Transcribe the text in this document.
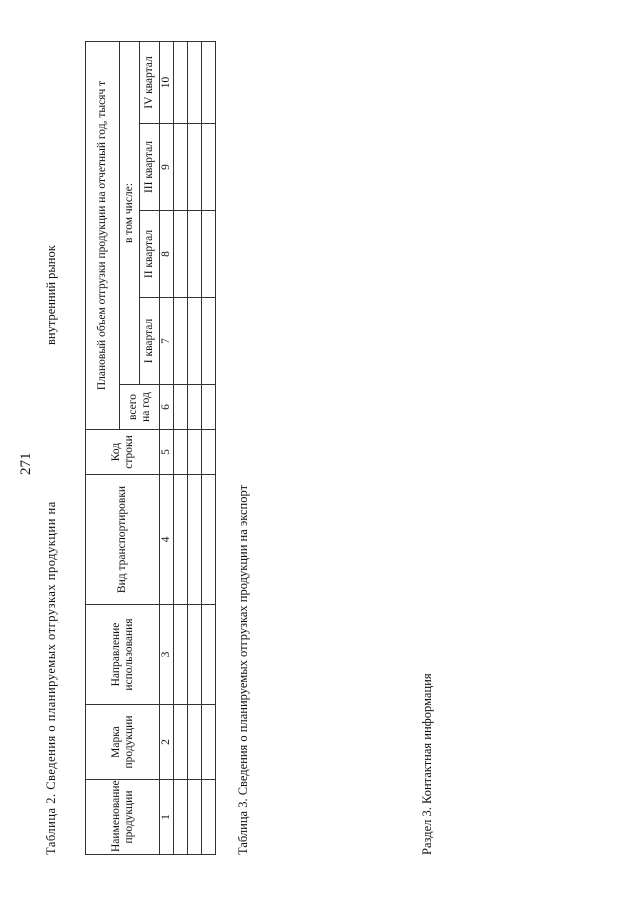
271
Таблица 2. Сведения о планируемых отгрузках продукции на
внутренний рынок
Наименование продукции	Марка продукции	Направление использования	Вид транспортировки	Код строки	Плановый объем отгрузки продукции на отчетный год, тысяч т				
					всего на год	в том числе:			
						I квартал	II квартал	III квартал	IV квартал
1	2	3	4	5	6	7	8	9	10

Таблица 3. Сведения о планируемых отгрузках продукции на экспорт	Раздел 3. Контактная информация
